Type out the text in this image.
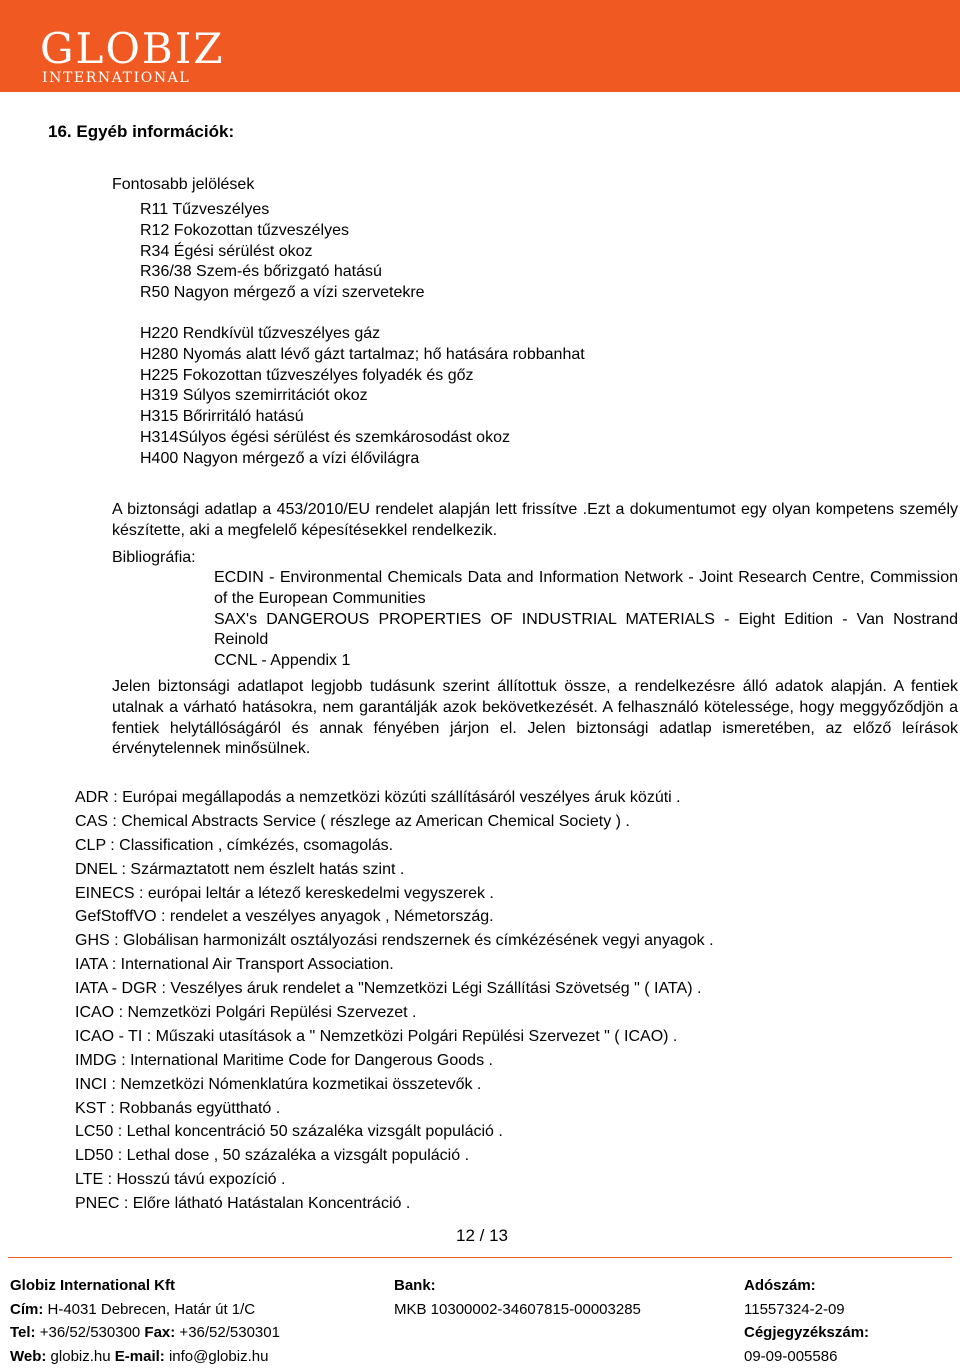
GLOBIZ
INTERNATIONAL
16. Egyéb információk:
Fontosabb jelölések
R11 Tűzveszélyes
R12 Fokozottan tűzveszélyes
R34 Égési sérülést okoz
R36/38 Szem-és bőrizgató hatású
R50 Nagyon mérgező a vízi szervetekre
H220 Rendkívül tűzveszélyes gáz
H280 Nyomás alatt lévő gázt tartalmaz; hő hatására robbanhat
H225 Fokozottan tűzveszélyes folyadék és gőz
H319 Súlyos szemirritációt okoz
H315 Bőrirritáló hatású
H314Súlyos égési sérülést és szemkárosodást okoz
H400 Nagyon mérgező a vízi élővilágra
A biztonsági adatlap a 453/2010/EU rendelet alapján lett frissítve .Ezt a dokumentumot egy olyan kompetens személy készítette, aki a megfelelő képesítésekkel rendelkezik.
Bibliográfia:
ECDIN - Environmental Chemicals Data and Information Network - Joint Research Centre, Commission of the European Communities
SAX's DANGEROUS PROPERTIES OF INDUSTRIAL MATERIALS - Eight Edition - Van Nostrand Reinold
CCNL - Appendix 1
Jelen biztonsági adatlapot legjobb tudásunk szerint állítottuk össze, a rendelkezésre álló adatok alapján. A fentiek utalnak a várható hatásokra, nem garantálják azok bekövetkezését. A felhasználó kötelessége, hogy meggyőződjön a fentiek helytállóságáról és annak fényében járjon el. Jelen biztonsági adatlap ismeretében, az előző leírások érvénytelennek minősülnek.
ADR : Európai megállapodás a nemzetközi közúti szállításáról veszélyes áruk közúti .
CAS : Chemical Abstracts Service ( részlege az American Chemical Society ) .
CLP : Classification , címkézés, csomagolás.
DNEL : Származtatott nem észlelt hatás szint .
EINECS : európai leltár a létező kereskedelmi vegyszerek .
GefStoffVO : rendelet a veszélyes anyagok , Németország.
GHS : Globálisan harmonizált osztályozási rendszernek és címkézésének vegyi anyagok .
IATA : International Air Transport Association.
IATA - DGR : Veszélyes áruk rendelet a "Nemzetközi Légi Szállítási Szövetség " ( IATA) .
ICAO : Nemzetközi Polgári Repülési Szervezet .
ICAO - TI : Műszaki utasítások a " Nemzetközi Polgári Repülési Szervezet " ( ICAO) .
IMDG : International Maritime Code for Dangerous Goods .
INCI : Nemzetközi Nómenklatúra kozmetikai összetevők .
KST : Robbanás együttható .
LC50 : Lethal koncentráció 50 százaléka vizsgált populáció .
LD50 : Lethal dose , 50 százaléka a vizsgált populáció .
LTE : Hosszú távú expozíció .
PNEC : Előre látható Hatástalan Koncentráció .
12 / 13
Globiz International Kft
Cím: H-4031 Debrecen, Határ út 1/C
Tel: +36/52/530300 Fax: +36/52/530301
Web: globiz.hu E-mail: info@globiz.hu
Bank:
MKB 10300002-34607815-00003285
Adószám:
11557324-2-09
Cégjegyzékszám:
09-09-005586
